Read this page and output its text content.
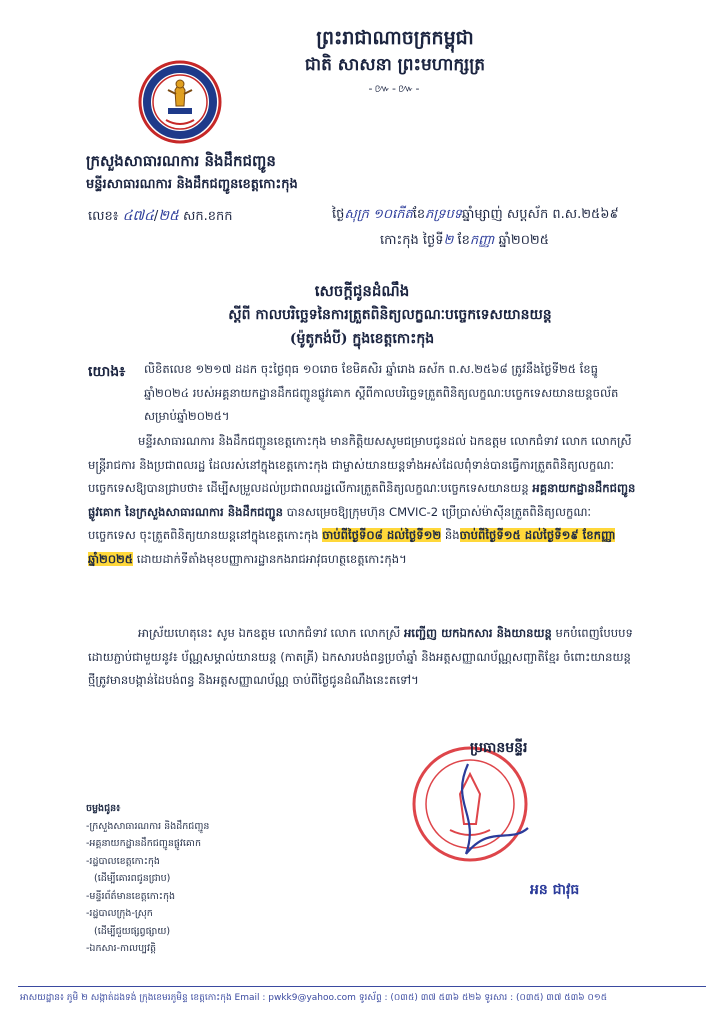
ព្រះរាជាណាចក្រកម្ពុជា
ជាតិ សាសនា ព្រះមហាក្សត្រ
-៚-៚-
ក្រសួងសាធារណការ និងដឹកជញ្ជូន
មន្ទីរសាធារណការ និងដឹកជញ្ជូនខេត្តកោះកុង
លេខ៖ ៤៧៤/២៥ សក.ខកក	ថ្ងៃសុក្រ ១០កើតខែភទ្របទឆ្នាំម្សាញ់ សប្តស័ក ព.ស.២៥៦៩
កោះកុង ថ្ងៃទី២ ខែកញ្ញា ឆ្នាំ២០២៥
សេចក្តីជូនដំណឹង
ស្តីពី កាលបរិច្ឆេទនៃការត្រួតពិនិត្យលក្ខណៈបច្ចេកទេសយានយន្ត
(ម៉ូតូកង់បី) ក្នុងខេត្តកោះកុង
យោង៖ លិខិតលេខ ១២១៧ ដដក ចុះថ្ងៃពុធ ១០រោច ខែមិគសិរ ឆ្នាំរោង ឆស័ក ព.ស.២៥៦៨ ត្រូវនឹងថ្ងៃទី២៥ ខែធ្នូ ឆ្នាំ២០២៤ របស់អគ្គនាយកដ្ឋានដឹកជញ្ជូនផ្លូវគោក ស្តីពីកាលបរិច្ឆេទត្រួតពិនិត្យលក្ខណៈបច្ចេកទេសយានយន្តចល័ត សម្រាប់ឆ្នាំ២០២៥។
មន្ទីរសាធារណការ និងដឹកជញ្ជូនខេត្តកោះកុង មានកិត្តិយសសូមជម្រាបជូនដល់ ឯកឧត្តម លោកជំទាវ លោក លោកស្រី មន្ត្រីរាជការ និងប្រជាពលរដ្ឋ ដែលរស់នៅក្នុងខេត្តកោះកុង ជាម្ចាស់យានយន្តទាំងអស់ដែលពុំទាន់បានធ្វើការត្រួតពិនិត្យលក្ខណៈបច្ចេកទេសឱ្យបានជ្រាបថា៖ ដើម្បីសម្រួលដល់ប្រជាពលរដ្ឋលើការត្រួតពិនិត្យលក្ខណៈបច្ចេកទេសយានយន្ត អគ្គនាយកដ្ឋានដឹកជញ្ជូនផ្លូវគោក នៃក្រសួងសាធារណការ និងដឹកជញ្ជូន បានសម្រេចឱ្យក្រុមហ៊ុន CMVIC-2 ប្រើប្រាស់ម៉ាស៊ីនត្រួតពិនិត្យលក្ខណៈបច្ចេកទេស ចុះត្រួតពិនិត្យយានយន្តនៅក្នុងខេត្តកោះកុង ចាប់ពីថ្ងៃទី០៨ ដល់ថ្ងៃទី១២ និងចាប់ពីថ្ងៃទី១៥ ដល់ថ្ងៃទី១៩ ខែកញ្ញា ឆ្នាំ២០២៥ ដោយដាក់ទីតាំងមុខបញ្ញាការដ្ឋានកងរាជអាវុធហត្ថខេត្តកោះកុង។
អាស្រ័យហេតុនេះ សូម ឯកឧត្តម លោកជំទាវ លោក លោកស្រី អញ្ជើញ យកឯកសារ និងយានយន្ត មកបំពេញបែបបទ ដោយភ្ជាប់ជាមួយនូវ៖ ប័ណ្ណសម្គាល់យានយន្ត (កាតគ្រី) ឯកសារបង់ពន្ធប្រចាំឆ្នាំ និងអត្តសញ្ញាណប័ណ្ណសញ្ជាតិខ្មែរ ចំពោះយានយន្តថ្មីត្រូវមានបង្កាន់ដៃបង់ពន្ធ និងអត្តសញ្ញាណប័ណ្ណ ចាប់ពីថ្ងៃជូនដំណឹងនេះតទៅ។
ប្រធានមន្ទីរ
អន ជាវុធ
ចម្លងជូន៖
-ក្រសួងសាធារណការ និងដឹកជញ្ជូន
-អគ្គនាយកដ្ឋានដឹកជញ្ជូនផ្លូវគោក
-រដ្ឋបាលខេត្តកោះកុង
(ដើម្បីគោរពជូនជ្រាប)
-មន្ទីរព័ត៌មានខេត្តកោះកុង
-រដ្ឋបាលក្រុង-ស្រុក
(ដើម្បីជួយផ្សព្វផ្សាយ)
-ឯកសារ-កាលប្បវត្តិ
អាសយដ្ឋាន៖ ភូមិ ២ សង្កាត់ដងទង់ ក្រុងខេមរភូមិន្ទ ខេត្តកោះកុង Email : pwkk9@yahoo.com ទូរស័ព្ទ : (០៣៥) ៣៧ ៥៣៦ ៥២៦ ទូរសារ : (០៣៥) ៣៧ ៥៣៦ ០១៥
